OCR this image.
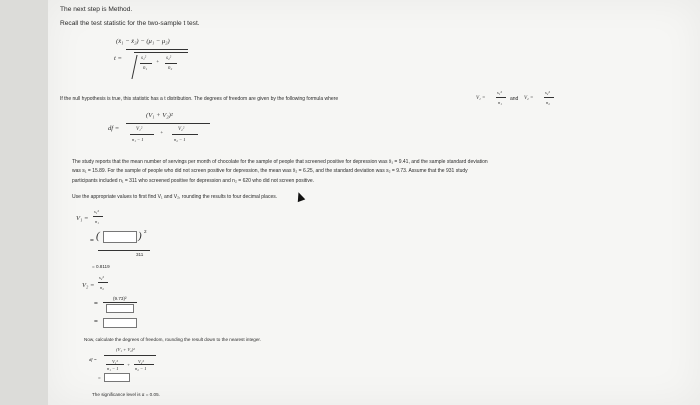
The next step is Method.
Recall the test statistic for the two-sample t test.
t =
(x̄₁ − x̄₂) − (μ₁ − μ₂)
s₁²
n₁
+
s₂²
n₂
If the null hypothesis is true, this statistic has a t distribution. The degrees of freedom are given by the following formula where	V₁ =
s₁²
n₁
and V₂ =
s₂²
n₂
df =
(V₁ + V₂)²
V₁²
n₁ − 1
+
V₂²
n₂ − 1
The study reports that the mean number of servings per month of chocolate for the sample of people that screened positive for depression was x̄₁ = 9.41, and the sample standard deviation
was s₁ = 15.89. For the sample of people who did not screen positive for depression, the mean was x̄₂ = 6.25, and the standard deviation was s₂ = 9.73. Assume that the 931 study
participants included n₁ = 311 who screened positive for depression and n₂ = 620 who did not screen positive.
Use the appropriate values to first find V₁ and V₂, rounding the results to four decimal places.
V₁ =
s₁²
n₁
= (	) 2
311
= 0.8119
V₂ =
s₂²
n₂
=
(9.73)²
=
Now, calculate the degrees of freedom, rounding the result down to the nearest integer.
df =
(V₁ + V₂)²
V₁²
n₁ − 1
+
V₂²
n₂ − 1
=
The significance level is α = 0.05.
